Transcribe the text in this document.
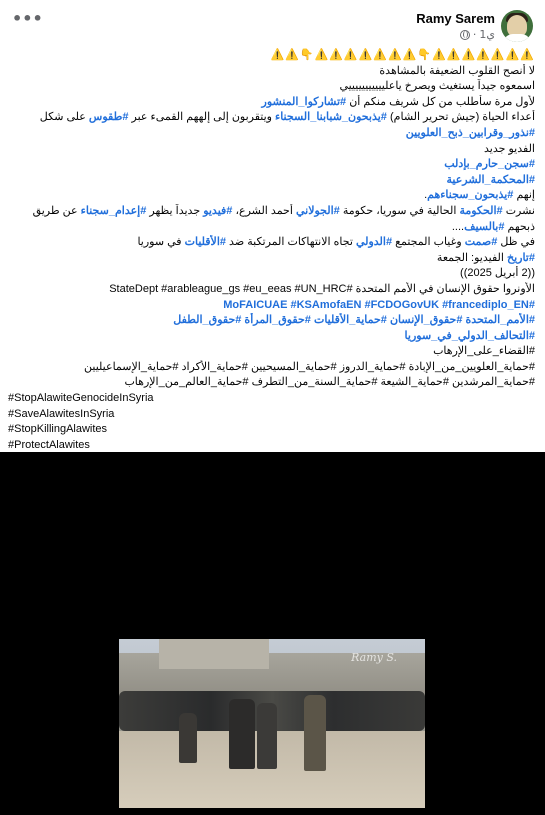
•••	Ramy Sarem
· 1ي
⚠️⚠️⚠️⚠️⚠️⚠️⚠️👇⚠️⚠️⚠️⚠️⚠️⚠️⚠️👇⚠️⚠️
لا أنصح القلوب الضعيفة بالمشاهدة
اسمعوه جيداً يستغيث ويصرخ ياعليييييييييييي
لأول مرة سأطلب من كل شريف منكم أن #تشاركوا_المنشور
أعداء الحياة (جيش تحرير الشام) #يذبحون_شبابنا_السجناء ويتقربون إلى إلههم القمىء عبر #طقوس على شكل
#نذور_وقرابين_ذبح_العلويين
الفديو جديد
#سجن_حارم_بإدلب
#المحكمة_الشرعية
إنهم #يذبحون_سجناءهم.
نشرت #الحكومة الحالية في سوريا، حكومة #الجولاني أحمد الشرع، #فيديو جديداً يظهر #إعدام_سجناء عن طريق
ذبحهم #بالسيف....
في ظل #صمت وغياب المجتمع #الدولي تجاه الانتهاكات المرتكبة ضد #الأقليات في سوريا
#تاريخ الفيديو: الجمعة
((2 أبريل 2025))
الأونروا حقوق الإنسان في الأمم المتحدة #StateDept #arableague_gs #eu_eeas #UN_HRC
#MoFAICUAE #KSAmofaEN #FCDOGovUK #francediplo_EN
#الأمم_المتحدة #حقوق_الإنسان #حماية_الأقليات #حقوق_المرأة #حقوق_الطفل
#التحالف_الدولي_في_سوريا
#القضاء_على_الإرهاب
#حماية_العلويين_من_الإبادة #حماية_الدروز #حماية_المسيحيين #حماية_الأكراد #حماية_الإسماعيليين
#حماية_المرشدين #حماية_الشيعة #حماية_السنة_من_التطرف #حماية_العالم_من_الإرهاب
#StopAlawiteGenocideInSyria
#SaveAlawitesInSyria
#StopKillingAlawites
#ProtectAlawites
Ramy S.
